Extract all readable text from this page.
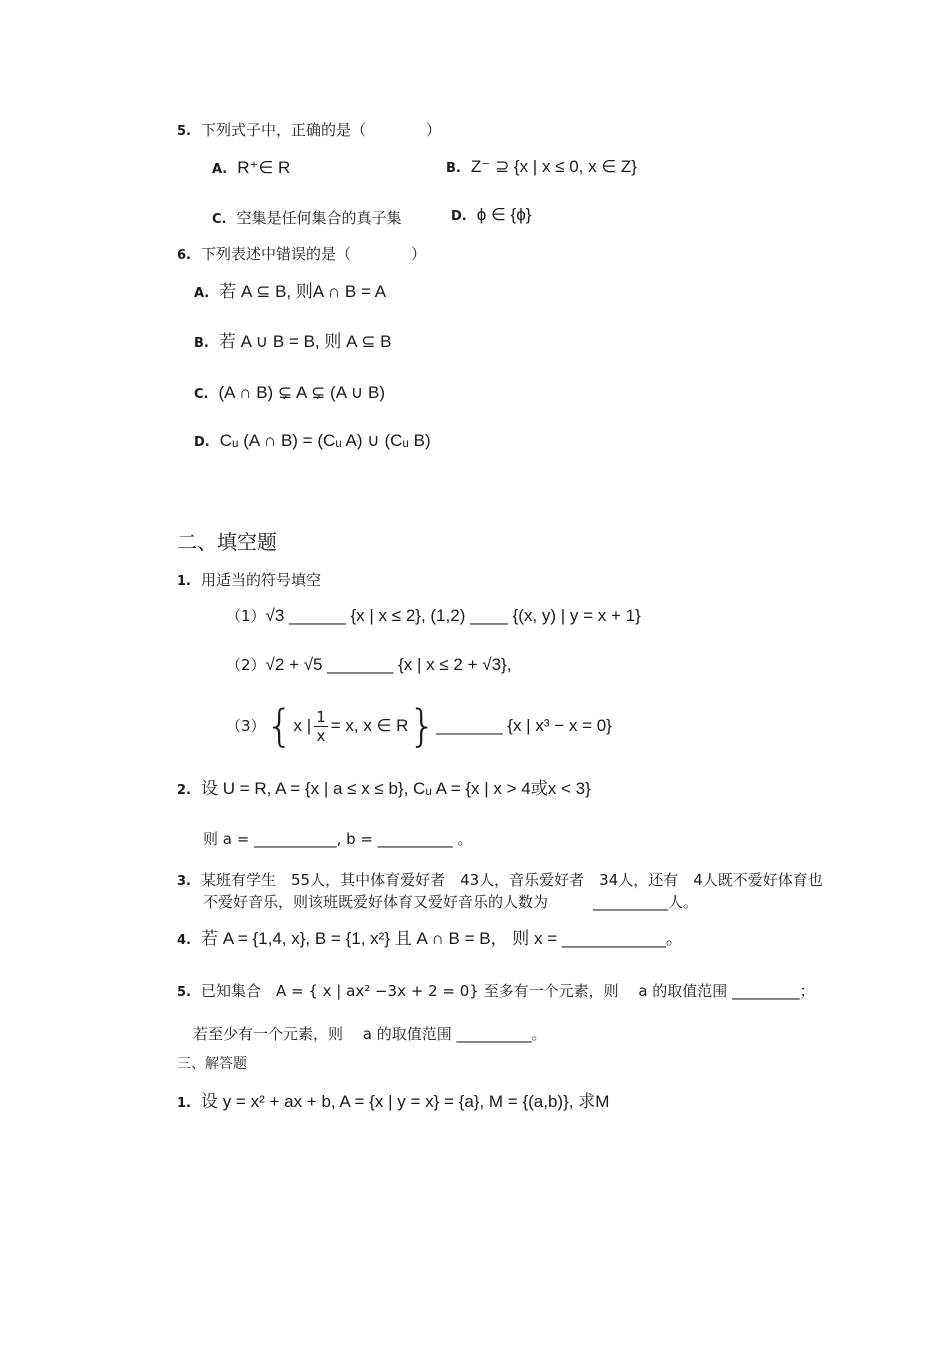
5. 下列式子中，正确的是（　　　　）
A. R⁺∈ R	B. Z⁻ ⊇ {x | x ≤ 0, x ∈ Z}
C. 空集是任何集合的真子集	D. ϕ ∈ {ϕ}
6. 下列表述中错误的是（　　　　）
A. 若 A ⊆ B, 则A ∩ B = A
B. 若 A ∪ B = B, 则 A ⊆ B
C. (A ∩ B) ⊊ A ⊊ (A ∪ B)
D. Cᵤ (A ∩ B) = (Cᵤ A) ∪ (Cᵤ B)
二、填空题
1. 用适当的符号填空
（1）√3 ______ {x | x ≤ 2}, (1,2) ____ {(x, y) | y = x + 1}
（2）√2 + √5 _______ {x | x ≤ 2 + √3},
（3）{x | $\frac{1}{x} = x$, x ∈ R}_______ {x | x³ − x = 0}
2. 设 U = R, A = {x | a ≤ x ≤ b}, Cᵤ A = {x | x > 4或x < 3}
则 a = ___________, b = __________ 。
3. 某班有学生　55人，其中体育爱好者　43人，音乐爱好者　34人，还有　4人既不爱好体育也
不爱好音乐，则该班既爱好体育又爱好音乐的人数为　　　__________人。
4. 若 A = {1,4, x}, B = {1, x²} 且 A ∩ B = B， 则 x = ___________。
5. 已知集合　A = { x | ax² −3x + 2 = 0} 至多有一个元素，则　 a 的取值范围 _________；
若至少有一个元素，则　 a 的取值范围 __________。
三、解答题
1. 设 y = x² + ax + b, A = {x | y = x} = {a}, M = {(a,b)}, 求M
